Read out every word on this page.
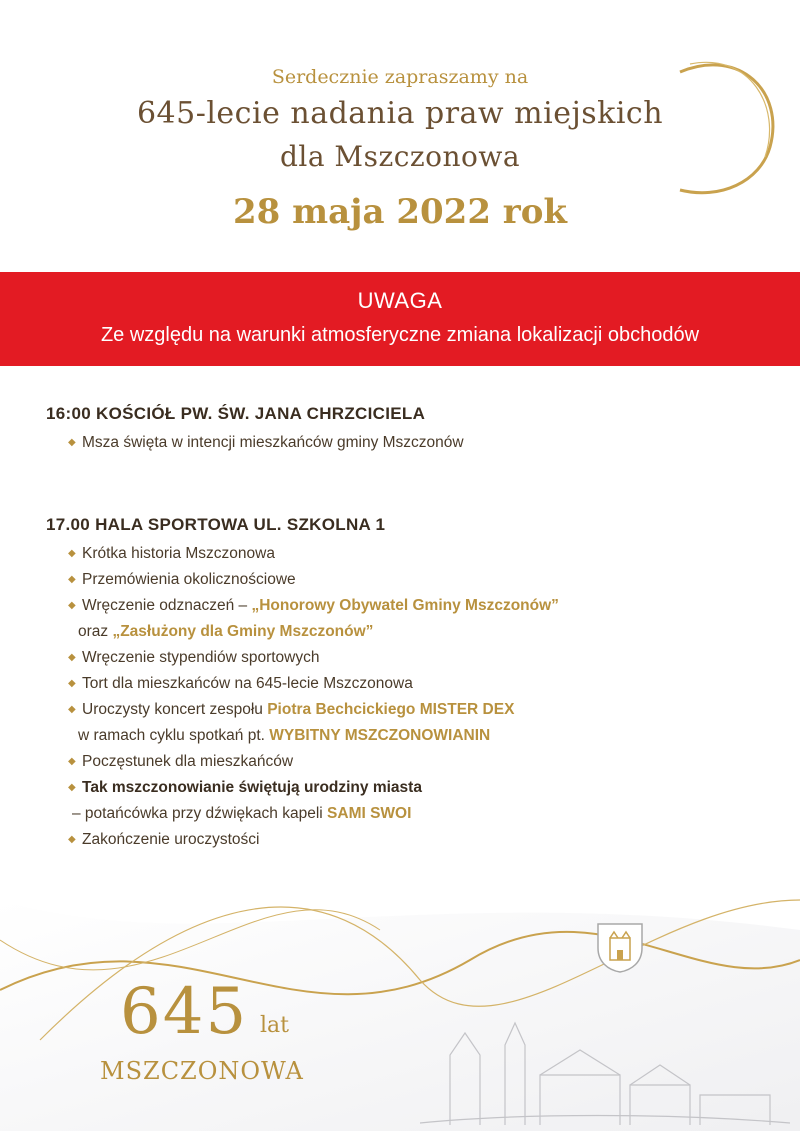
Serdecznie zapraszamy na
645-lecie nadania praw miejskich
dla Mszczonowa
28 maja 2022 rok
UWAGA
Ze względu na warunki atmosferyczne zmiana lokalizacji obchodów
16:00 KOŚCIÓŁ PW. ŚW. JANA CHRZCICIELA
◆ Msza święta w intencji mieszkańców gminy Mszczonów
17.00 HALA SPORTOWA UL. SZKOLNA 1
◆ Krótka historia Mszczonowa
◆ Przemówienia okolicznościowe
◆ Wręczenie odznaczeń – „Honorowy Obywatel Gminy Mszczonów”
oraz „Zasłużony dla Gminy Mszczonów”
◆ Wręczenie stypendiów sportowych
◆ Tort dla mieszkańców na 645-lecie Mszczonowa
◆ Uroczysty koncert zespołu Piotra Bechcickiego MISTER DEX
w ramach cyklu spotkań pt. WYBITNY MSZCZONOWIANIN
◆ Poczęstunek dla mieszkańców
◆ Tak mszczonowianie świętują urodziny miasta
– potańcówka przy dźwiękach kapeli SAMI SWOI
◆ Zakończenie uroczystości
645 lat
MSZCZONOWA
